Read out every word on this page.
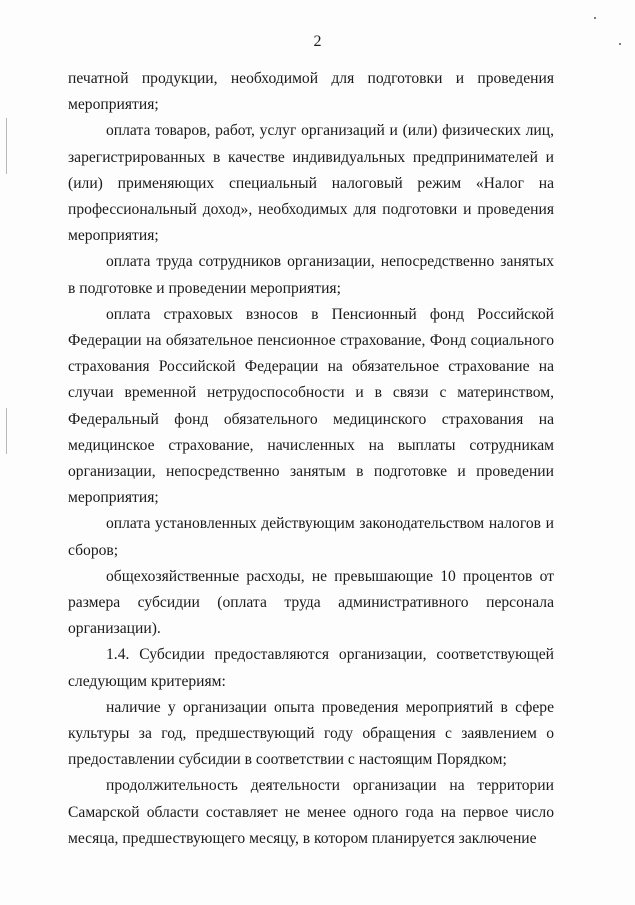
2

печатной продукции, необходимой для подготовки и проведения мероприятия;

оплата товаров, работ, услуг организаций и (или) физических лиц, зарегистрированных в качестве индивидуальных предпринимателей и (или) применяющих специальный налоговый режим «Налог на профессиональный доход», необходимых для подготовки и проведения мероприятия;

оплата труда сотрудников организации, непосредственно занятых в подготовке и проведении мероприятия;

оплата страховых взносов в Пенсионный фонд Российской Федерации на обязательное пенсионное страхование, Фонд социального страхования Российской Федерации на обязательное страхование на случаи временной нетрудоспособности и в связи с материнством, Федеральный фонд обязательного медицинского страхования на медицинское страхование, начисленных на выплаты сотрудникам организации, непосредственно занятым в подготовке и проведении мероприятия;

оплата установленных действующим законодательством налогов и сборов;

общехозяйственные расходы, не превышающие 10 процентов от размера субсидии (оплата труда административного персонала организации).

1.4. Субсидии предоставляются организации, соответствующей следующим критериям:

наличие у организации опыта проведения мероприятий в сфере культуры за год, предшествующий году обращения с заявлением о предоставлении субсидии в соответствии с настоящим Порядком;

продолжительность деятельности организации на территории Самарской области составляет не менее одного года на первое число месяца, предшествующего месяцу, в котором планируется заключение
